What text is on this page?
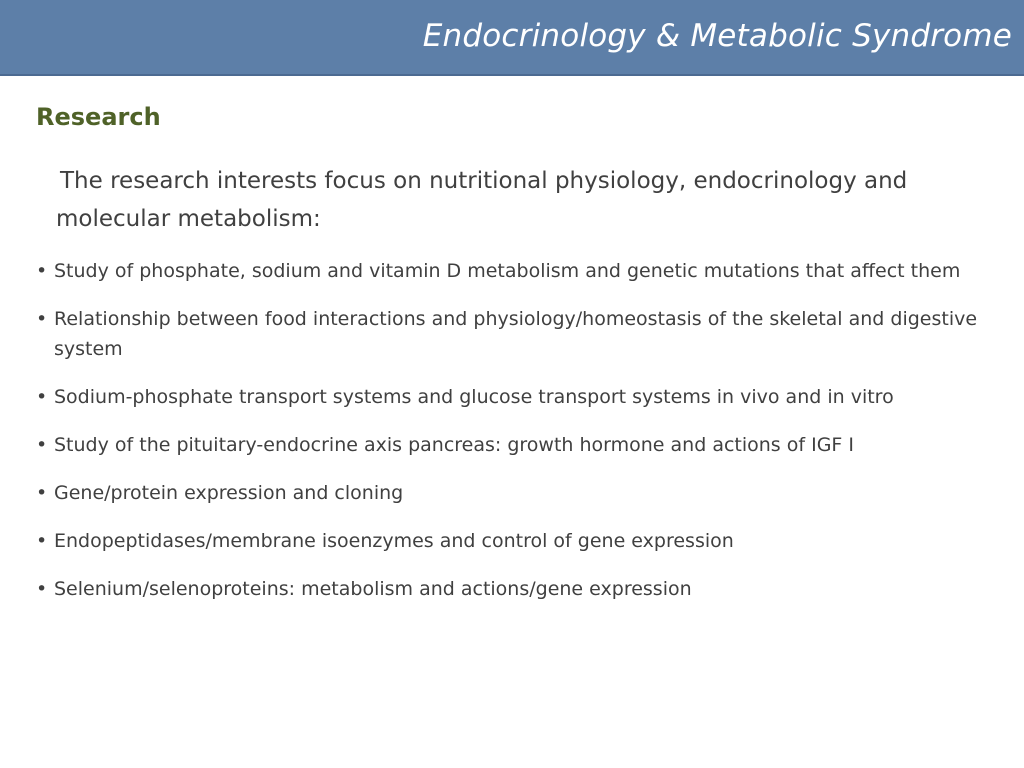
Endocrinology & Metabolic Syndrome
Research
The research interests focus on nutritional physiology, endocrinology and molecular metabolism:
• Study of phosphate, sodium and vitamin D metabolism and genetic mutations that affect them
• Relationship between food interactions and physiology/homeostasis of the skeletal and digestive system
• Sodium-phosphate transport systems and glucose transport systems in vivo and in vitro
• Study of the pituitary-endocrine axis pancreas: growth hormone and actions of IGF I
• Gene/protein expression and cloning
• Endopeptidases/membrane isoenzymes and control of gene expression
• Selenium/selenoproteins: metabolism and actions/gene expression
